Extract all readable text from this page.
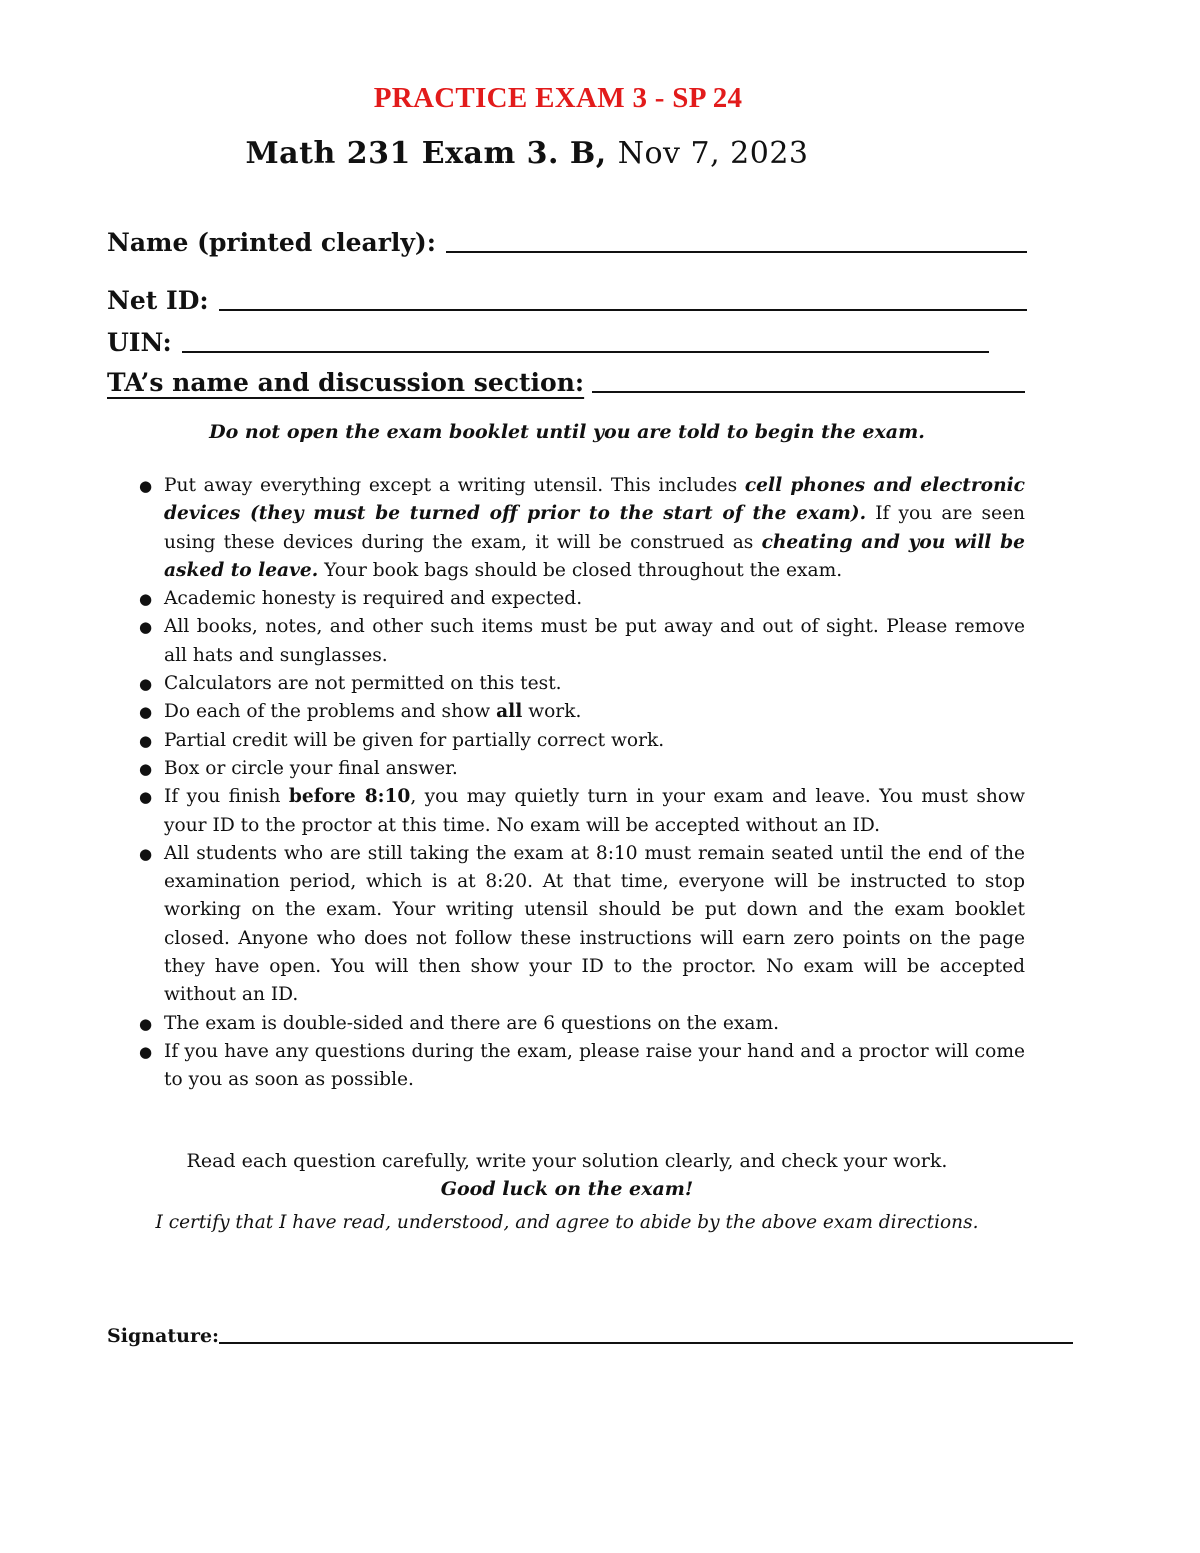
PRACTICE EXAM 3 - SP 24
Math 231 Exam 3. B, Nov 7, 2023
Name (printed clearly):
Net ID:
UIN:
TA’s name and discussion section:
Do not open the exam booklet until you are told to begin the exam.
● Put away everything except a writing utensil. This includes cell phones and electronic devices (they must be turned off prior to the start of the exam). If you are seen using these devices during the exam, it will be construed as cheating and you will be asked to leave. Your book bags should be closed throughout the exam.
● Academic honesty is required and expected.
● All books, notes, and other such items must be put away and out of sight. Please remove all hats and sunglasses.
● Calculators are not permitted on this test.
● Do each of the problems and show all work.
● Partial credit will be given for partially correct work.
● Box or circle your final answer.
● If you finish before 8:10, you may quietly turn in your exam and leave. You must show your ID to the proctor at this time. No exam will be accepted without an ID.
● All students who are still taking the exam at 8:10 must remain seated until the end of the examination period, which is at 8:20. At that time, everyone will be instructed to stop working on the exam. Your writing utensil should be put down and the exam booklet closed. Anyone who does not follow these instructions will earn zero points on the page they have open. You will then show your ID to the proctor. No exam will be accepted without an ID.
● The exam is double-sided and there are 6 questions on the exam.
● If you have any questions during the exam, please raise your hand and a proctor will come to you as soon as possible.
Read each question carefully, write your solution clearly, and check your work.
Good luck on the exam!
I certify that I have read, understood, and agree to abide by the above exam directions.
Signature:
